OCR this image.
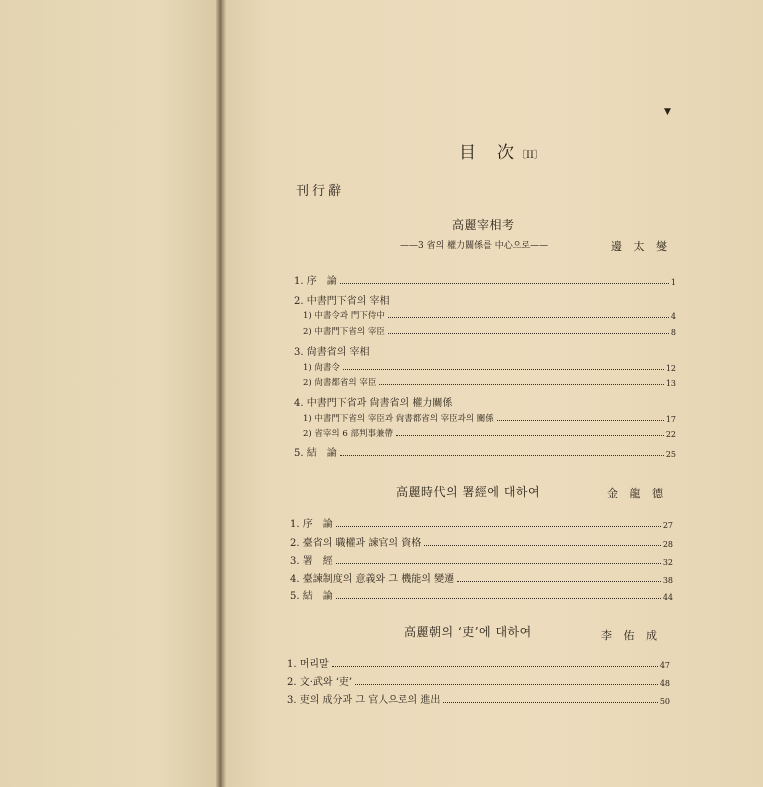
▼
目　次〔II〕
刊行辭
高麗宰相考
——3 省의 權力關係를 中心으로——	邊 太 燮
1. 序　論	1
2. 中書門下省의 宰相
1) 中書令과 門下侍中	4
2) 中書門下省의 宰臣	8
3. 尙書省의 宰相
1) 尙書令	12
2) 尙書都省의 宰臣	13
4. 中書門下省과 尙書省의 權力關係
1) 中書門下省의 宰臣과 尙書都省의 宰臣과의 關係	17
2) 省宰의 6 部判事兼帶	22
5. 結　論	25
高麗時代의 署經에 대하여	金 龍 德
1. 序　論	27
2. 臺省의 職權과 諫官의 資格	28
3. 署　經	32
4. 臺諫制度의 意義와 그 機能의 變遷	38
5. 結　論	44
高麗朝의 ‘吏’에 대하여	李 佑 成
1. 머리말	47
2. 文·武와 ‘吏’	48
3. 吏의 成分과 그 官人으로의 進出	50
